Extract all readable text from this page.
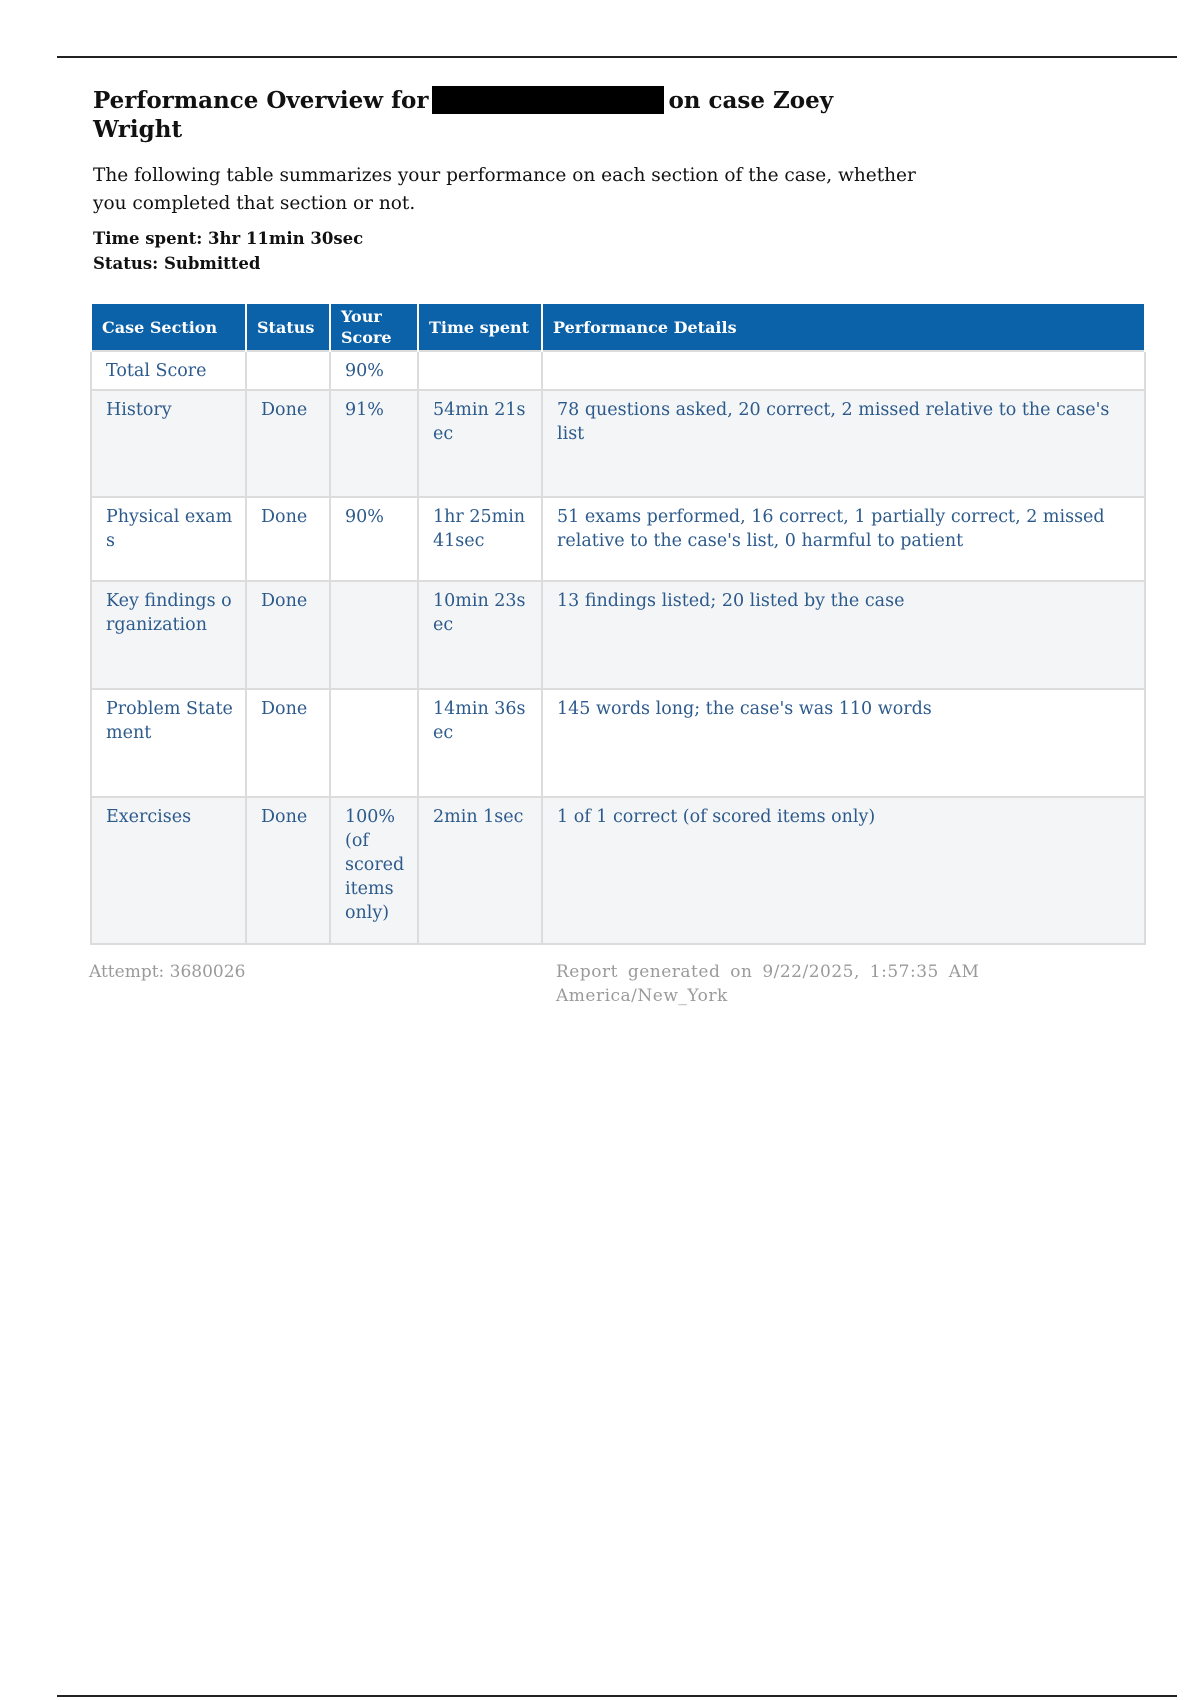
Performance Overview for	on case Zoey Wright

The following table summarizes your performance on each section of the case, whether you completed that section or not.

Time spent: 3hr 11min 30sec
Status: Submitted
Case Section	Status	Your Score	Time spent	Performance Details
Total Score		90%		
History	Done	91%	54min 21sec	78 questions asked, 20 correct, 2 missed relative to the case's list
Physical exams	Done	90%	1hr 25min 41sec	51 exams performed, 16 correct, 1 partially correct, 2 missed relative to the case's list, 0 harmful to patient
Key findings organization	Done		10min 23sec	13 findings listed; 20 listed by the case
Problem Statement	Done		14min 36sec	145 words long; the case's was 110 words
Exercises	Done	100% (of scored items only)	2min 1sec	1 of 1 correct (of scored items only)
Attempt: 3680026	Report generated on 9/22/2025, 1:57:35 AM America/New_York
